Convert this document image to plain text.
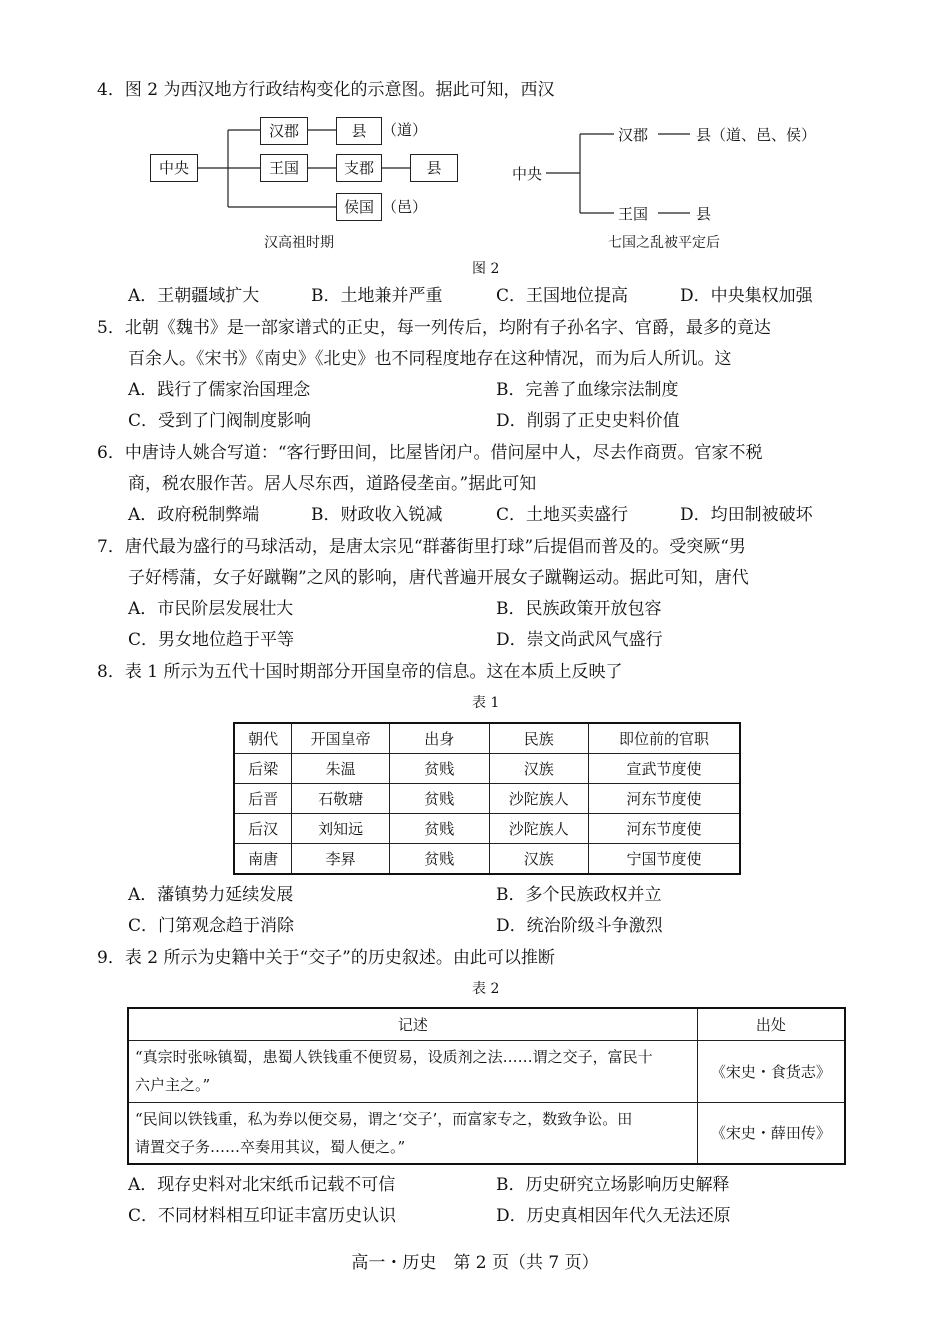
4．图 2 为西汉地方行政结构变化的示意图。据此可知，西汉
中央
汉郡	县	（道）
王国	支郡	县
侯国 （邑）
汉高祖时期
中央
汉郡	县（道、邑、侯）
王国	县
七国之乱被平定后
图 2
A．王朝疆域扩大	B．土地兼并严重	C．王国地位提高	D．中央集权加强
5．北朝《魏书》是一部家谱式的正史，每一列传后，均附有子孙名字、官爵，最多的竟达
百余人。《宋书》《南史》《北史》也不同程度地存在这种情况，而为后人所讥。这
A．践行了儒家治国理念	B．完善了血缘宗法制度
C．受到了门阀制度影响	D．削弱了正史史料价值
6．中唐诗人姚合写道：“客行野田间，比屋皆闭户。借问屋中人，尽去作商贾。官家不税
商，税农服作苦。居人尽东西，道路侵垄亩。”据此可知
A．政府税制弊端	B．财政收入锐减	C．土地买卖盛行	D．均田制被破坏
7．唐代最为盛行的马球活动，是唐太宗见“群蕃街里打球”后提倡而普及的。受突厥“男
子好樗蒲，女子好蹴鞠”之风的影响，唐代普遍开展女子蹴鞠运动。据此可知，唐代
A．市民阶层发展壮大	B．民族政策开放包容
C．男女地位趋于平等	D．崇文尚武风气盛行
8．表 1 所示为五代十国时期部分开国皇帝的信息。这在本质上反映了
表 1
朝代	开国皇帝	出身	民族	即位前的官职
后梁	朱温	贫贱	汉族	宣武节度使
后晋	石敬瑭	贫贱	沙陀族人	河东节度使
后汉	刘知远	贫贱	沙陀族人	河东节度使
南唐	李昪	贫贱	汉族	宁国节度使
A．藩镇势力延续发展	B．多个民族政权并立
C．门第观念趋于消除	D．统治阶级斗争激烈
9．表 2 所示为史籍中关于“交子”的历史叙述。由此可以推断
表 2
记述	出处

“真宗时张咏镇蜀，患蜀人铁钱重不便贸易，设质剂之法……谓之交子，富民十
六户主之。”	《宋史・食货志》

“民间以铁钱重，私为券以便交易，谓之‘交子’，而富家专之，数致争讼。田
请置交子务……卒奏用其议，蜀人便之。”	《宋史・薛田传》
A．现存史料对北宋纸币记载不可信	B．历史研究立场影响历史解释
C．不同材料相互印证丰富历史认识	D．历史真相因年代久无法还原
高一・历史　第 2 页（共 7 页）
